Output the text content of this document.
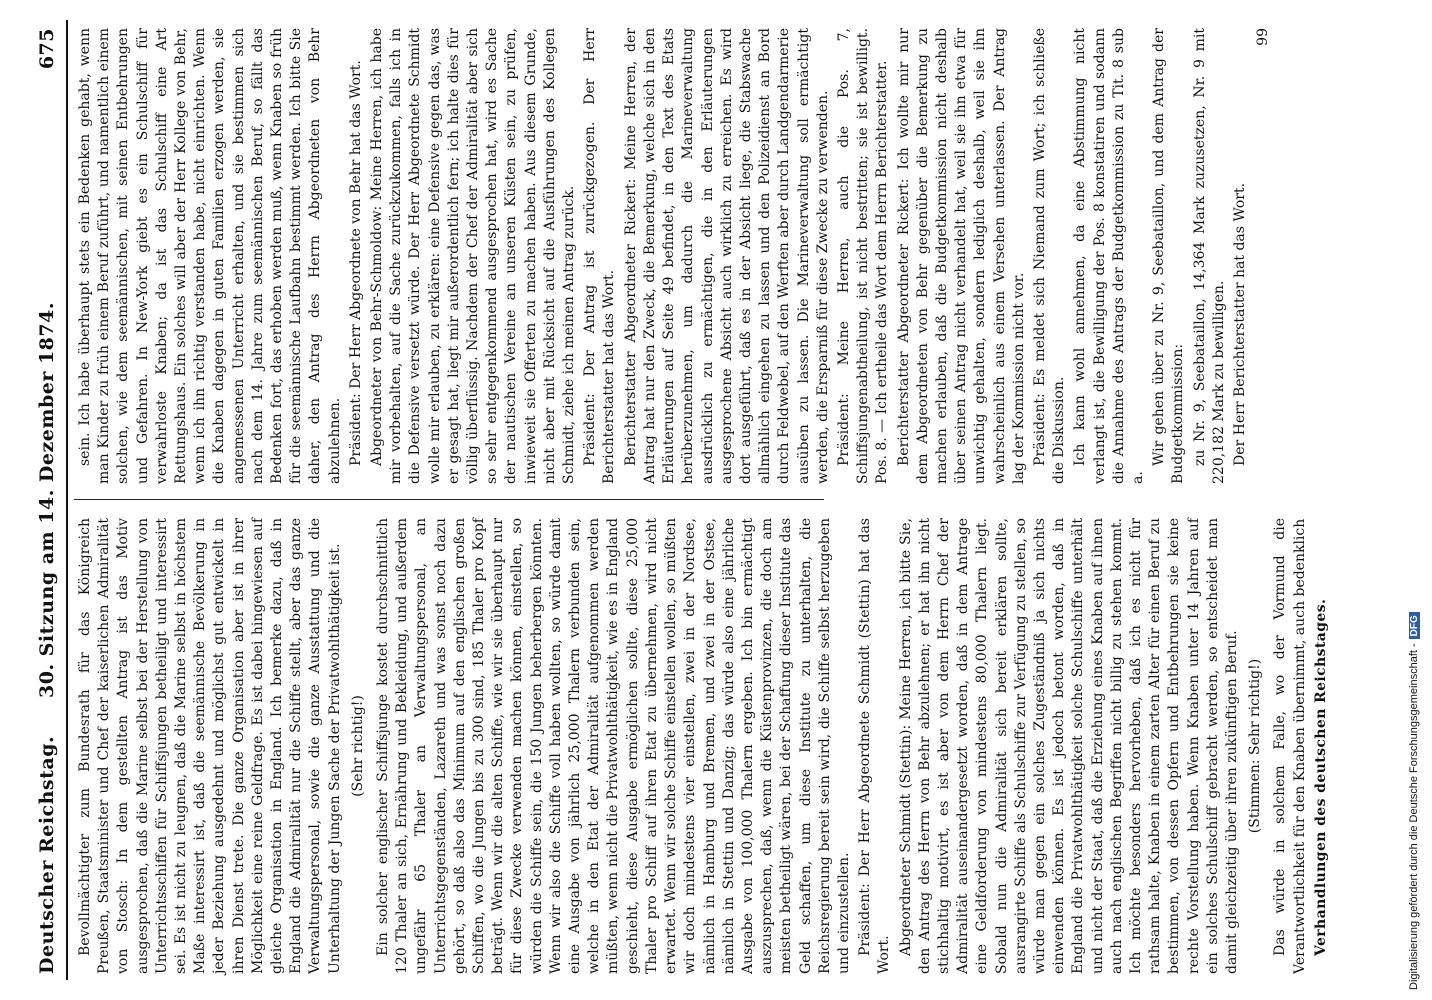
Deutscher Reichstag.
30. Sitzung am 14. Dezember 1874.
675

Bevollmächtigter zum Bundesrath für das Königreich Preußen, Staatsminister und Chef der kaiserlichen Admiralität von Stosch: In dem gestellten Antrag ist das Motiv ausgesprochen, daß die Marine selbst bei der Herstellung von Unterrichtsschiffen für Schiffsjungen betheiligt und interessirt sei. Es ist nicht zu leugnen, daß die Marine selbst in höchstem Maße interessirt ist, daß die seemännische Bevölkerung in jeder Beziehung ausgedehnt und möglichst gut entwickelt in ihren Dienst trete. Die ganze Organisation aber ist in ihrer Möglichkeit eine reine Geldfrage. Es ist dabei hingewiesen auf gleiche Organisation in England. Ich bemerke dazu, daß in England die Admiralität nur die Schiffe stellt, aber das ganze Verwaltungspersonal, sowie die ganze Ausstattung und die Unterhaltung der Jungen Sache der Privatwohlthätigkeit ist. (Sehr richtig!) Ein solcher englischer Schiffsjunge kostet durchschnittlich 120 Thaler an sich, Ernährung und Bekleidung, und außerdem ungefähr 65 Thaler an Verwaltungspersonal, an Unterrichtsgegenständen, Lazareth und was sonst noch dazu gehört, so daß also das Minimum auf den englischen großen Schiffen, wo die Jungen bis zu 300 sind, 185 Thaler pro Kopf beträgt. Wenn wir die alten Schiffe, wie wir sie überhaupt nur für diese Zwecke verwenden machen können, einstellen, so würden die Schiffe sein, die 150 Jungen beherbergen könnten. Wenn wir also die Schiffe voll haben wollten, so würde damit eine Ausgabe von jährlich 25,000 Thalern verbunden sein, welche in den Etat der Admiralität aufgenommen werden müßten, wenn nicht die Privatwohlthätigkeit, wie es in England geschieht, diese Ausgabe ermöglichen sollte, diese 25,000 Thaler pro Schiff auf ihren Etat zu übernehmen, wird nicht erwartet. Wenn wir solche Schiffe einstellen wollen, so müßten wir doch mindestens vier einstellen, zwei in der Nordsee, nämlich in Hamburg und Bremen, und zwei in der Ostsee, nämlich in Stettin und Danzig; das würde also eine jährliche Ausgabe von 100,000 Thalern ergeben. Ich bin ermächtigt auszusprechen, daß, wenn die Küstenprovinzen, die doch am meisten betheiligt wären, bei der Schaffung dieser Institute das Geld schaffen, um diese Institute zu unterhalten, die Reichsregierung bereit sein wird, die Schiffe selbst herzugeben und einzustellen. Präsident: Der Herr Abgeordnete Schmidt (Stettin) hat das Wort. Abgeordneter Schmidt (Stettin): Meine Herren, ich bitte Sie, den Antrag des Herrn von Behr abzulehnen; er hat ihn nicht stichhaltig motivirt, es ist aber von dem Herrn Chef der Admiralität auseinandergesetzt worden, daß in dem Antrage eine Geldforderung von mindestens 80,000 Thalern liegt. Sobald nun die Admiralität sich bereit erklären sollte, ausrangirte Schiffe als Schulschiffe zur Verfügung zu stellen, so würde man gegen ein solches Zugeständniß ja sich nichts einwenden können. Es ist jedoch betont worden, daß in England die Privatwohlthätigkeit solche Schulschiffe unterhält und nicht der Staat, daß die Erziehung eines Knaben auf ihnen auch nach englischen Begriffen nicht billig zu stehen kommt. Ich möchte besonders hervorheben, daß ich es nicht für rathsam halte, Knaben in einem zarten Alter für einen Beruf zu bestimmen, von dessen Opfern und Entbehrungen sie keine rechte Vorstellung haben. Wenn Knaben unter 14 Jahren auf ein solches Schulschiff gebracht werden, so entscheidet man damit gleichzeitig über ihren zukünftigen Beruf. (Stimmen: Sehr richtig!) Das würde in solchem Falle, wo der Vormund die Verantwortlichkeit für den Knaben übernimmt, auch bedenklich Verhandlungen des deutschen Reichstages.

sein. Ich habe überhaupt stets ein Bedenken gehabt, wenn man Kinder zu früh einem Beruf zuführt, und namentlich einem solchen, wie dem seemännischen, mit seinen Entbehrungen und Gefahren. In New-York giebt es ein Schulschiff für verwahrloste Knaben; da ist das Schulschiff eine Art Rettungshaus. Ein solches will aber der Herr Kollege von Behr, wenn ich ihn richtig verstanden habe, nicht einrichten. Wenn die Knaben dagegen in guten Familien erzogen werden, sie angemessenen Unterricht erhalten, und sie bestimmen sich nach dem 14. Jahre zum seemännischen Beruf, so fällt das Bedenken fort, das erhoben werden muß, wenn Knaben so früh für die seemännische Laufbahn bestimmt werden. Ich bitte Sie daher, den Antrag des Herrn Abgeordneten von Behr abzulehnen. Präsident: Der Herr Abgeordnete von Behr hat das Wort. Abgeordneter von Behr-Schmoldow: Meine Herren, ich habe mir vorbehalten, auf die Sache zurückzukommen, falls ich in die Defensive versetzt würde. Der Herr Abgeordnete Schmidt wolle mir erlauben, zu erklären: eine Defensive gegen das, was er gesagt hat, liegt mir außerordentlich fern; ich halte dies für völlig überflüssig. Nachdem der Chef der Admiralität aber sich so sehr entgegenkommend ausgesprochen hat, wird es Sache der nautischen Vereine an unseren Küsten sein, zu prüfen, inwieweit sie Offerten zu machen haben. Aus diesem Grunde, nicht aber mit Rücksicht auf die Ausführungen des Kollegen Schmidt, ziehe ich meinen Antrag zurück. Präsident: Der Antrag ist zurückgezogen. Der Herr Berichterstatter hat das Wort. Berichterstatter Abgeordneter Rickert: Meine Herren, der Antrag hat nur den Zweck, die Bemerkung, welche sich in den Erläuterungen auf Seite 49 befindet, in den Text des Etats herüberzunehmen, um dadurch die Marineverwaltung ausdrücklich zu ermächtigen, die in den Erläuterungen ausgesprochene Absicht auch wirklich zu erreichen. Es wird dort ausgeführt, daß es in der Absicht liege, die Stabswache allmählich eingehen zu lassen und den Polizeidienst an Bord durch Feldwebel, auf den Werften aber durch Landgendarmerie ausüben zu lassen. Die Marineverwaltung soll ermächtigt werden, die Ersparniß für diese Zwecke zu verwenden. Präsident: Meine Herren, auch die Pos. 7, Schiffsjungenabtheilung, ist nicht bestritten; sie ist bewilligt. Pos. 8. — Ich ertheile das Wort dem Herrn Berichterstatter. Berichterstatter Abgeordneter Rickert: Ich wollte mir nur dem Abgeordneten von Behr gegenüber die Bemerkung zu machen erlauben, daß die Budgetkommission nicht deshalb über seinen Antrag nicht verhandelt hat, weil sie ihn etwa für unwichtig gehalten, sondern lediglich deshalb, weil sie ihn wahrscheinlich aus einem Versehen unterlassen. Der Antrag lag der Kommission nicht vor. Präsident: Es meldet sich Niemand zum Wort; ich schließe die Diskussion. Ich kann wohl annehmen, da eine Abstimmung nicht verlangt ist, die Bewilligung der Pos. 8 konstatiren und sodann die Annahme des Antrags der Budgetkommission zu Tit. 8 sub a.

Wir gehen über zu Nr. 9, Seebataillon, und dem Antrag der Budgetkommission: zu Nr. 9, Seebataillon, 14,364 Mark zuzusetzen, Nr. 9 mit 220,182 Mark zu bewilligen. Der Herr Berichterstatter hat das Wort.

99

Digitalisierung gefördert durch die Deutsche Forschungsgemeinschaft -DFG
